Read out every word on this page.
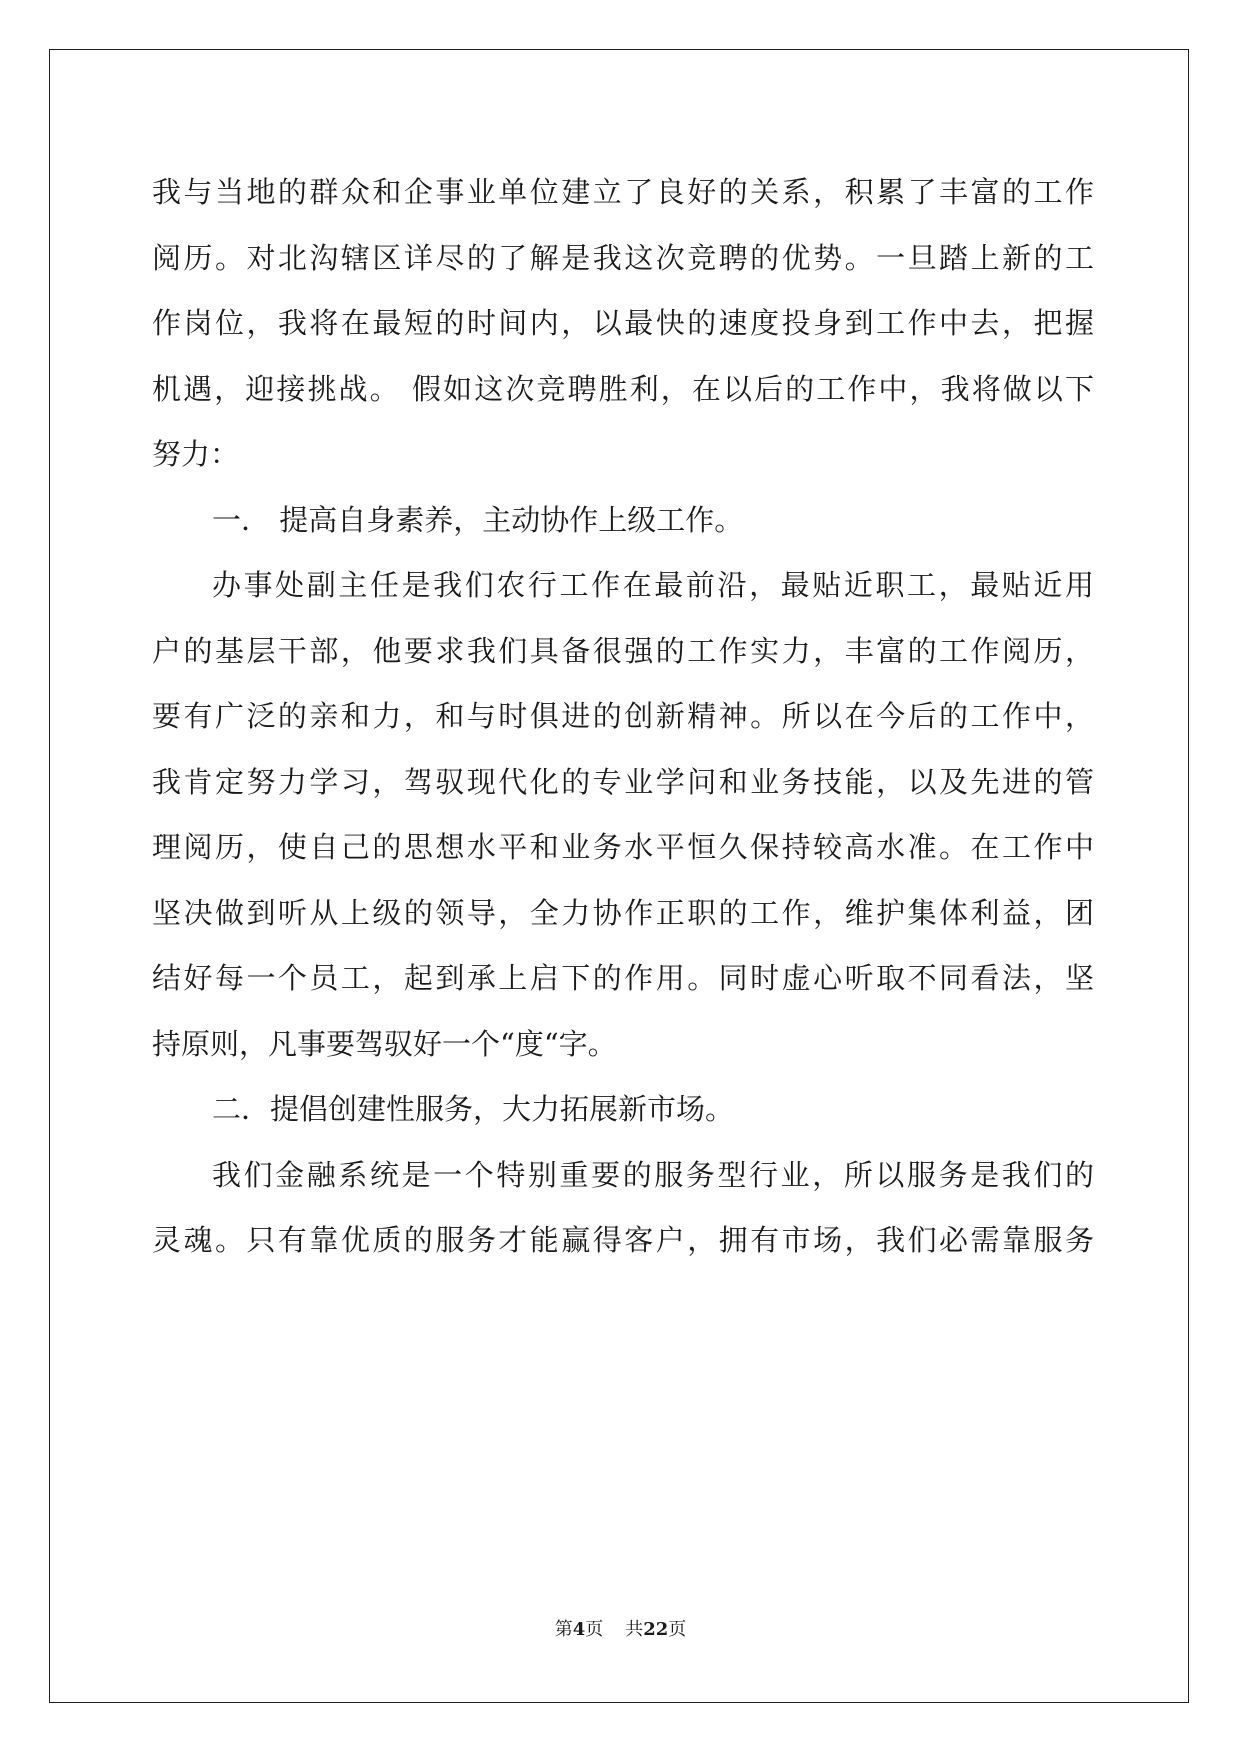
我与当地的群众和企事业单位建立了良好的关系，积累了丰富的工作
阅历。对北沟辖区详尽的了解是我这次竞聘的优势。一旦踏上新的工
作岗位，我将在最短的时间内，以最快的速度投身到工作中去，把握
机遇，迎接挑战。 假如这次竞聘胜利，在以后的工作中，我将做以下
努力：
一． 提高自身素养，主动协作上级工作。
办事处副主任是我们农行工作在最前沿，最贴近职工，最贴近用
户的基层干部，他要求我们具备很强的工作实力，丰富的工作阅历，
要有广泛的亲和力，和与时俱进的创新精神。所以在今后的工作中，
我肯定努力学习，驾驭现代化的专业学问和业务技能，以及先进的管
理阅历，使自己的思想水平和业务水平恒久保持较高水准。在工作中
坚决做到听从上级的领导，全力协作正职的工作，维护集体利益，团
结好每一个员工，起到承上启下的作用。同时虚心听取不同看法，坚
持原则，凡事要驾驭好一个“度“字。
二．提倡创建性服务，大力拓展新市场。
我们金融系统是一个特别重要的服务型行业，所以服务是我们的
灵魂。只有靠优质的服务才能赢得客户，拥有市场，我们必需靠服务
第4页 共22页
